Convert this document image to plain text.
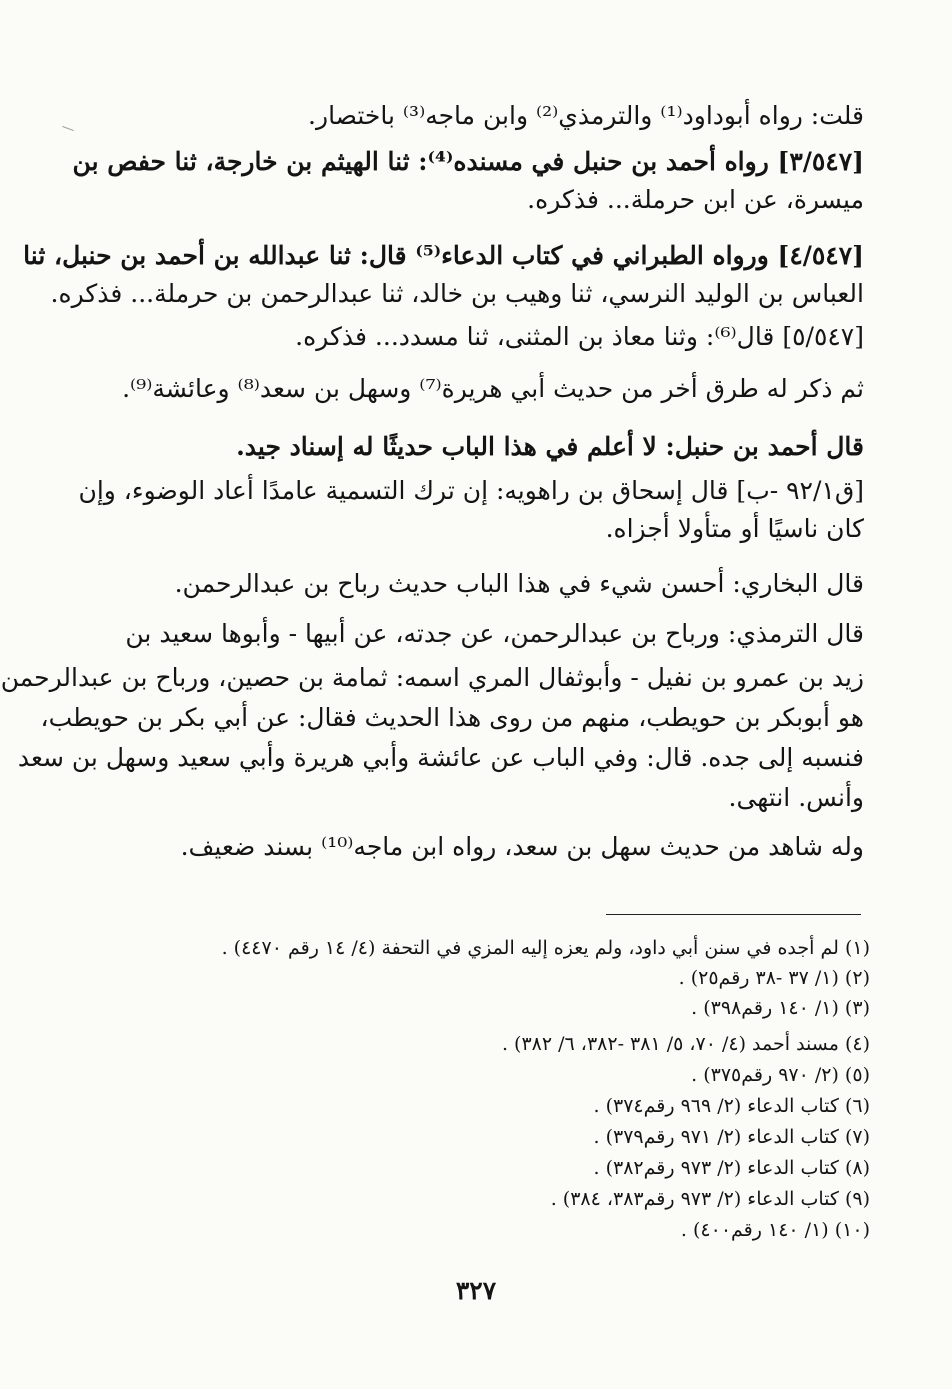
قلت: رواه أبوداود⁽¹⁾ والترمذي⁽²⁾ وابن ماجه⁽³⁾ باختصار.
[٣/٥٤٧] رواه أحمد بن حنبل في مسنده⁽⁴⁾: ثنا الهيثم بن خارجة، ثنا حفص بن
ميسرة، عن ابن حرملة... فذكره.
[٤/٥٤٧] ورواه الطبراني في كتاب الدعاء⁽⁵⁾ قال: ثنا عبدالله بن أحمد بن حنبل، ثنا
العباس بن الوليد النرسي، ثنا وهيب بن خالد، ثنا عبدالرحمن بن حرملة... فذكره.
[٥/٥٤٧] قال⁽⁶⁾: وثنا معاذ بن المثنى، ثنا مسدد... فذكره.
ثم ذكر له طرق أخر من حديث أبي هريرة⁽⁷⁾ وسهل بن سعد⁽⁸⁾ وعائشة⁽⁹⁾.
قال أحمد بن حنبل: لا أعلم في هذا الباب حديثًا له إسناد جيد.
[ق٩٢/١ -ب] قال إسحاق بن راهويه: إن ترك التسمية عامدًا أعاد الوضوء، وإن
كان ناسيًا أو متأولا أجزاه.
قال البخاري: أحسن شيء في هذا الباب حديث رباح بن عبدالرحمن.
قال الترمذي: ورباح بن عبدالرحمن، عن جدته، عن أبيها - وأبوها سعيد بن
زيد بن عمرو بن نفيل - وأبوثفال المري اسمه: ثمامة بن حصين، ورباح بن عبدالرحمن
هو أبوبكر بن حويطب، منهم من روى هذا الحديث فقال: عن أبي بكر بن حويطب،
فنسبه إلى جده. قال: وفي الباب عن عائشة وأبي هريرة وأبي سعيد وسهل بن سعد
وأنس. انتهى.
وله شاهد من حديث سهل بن سعد، رواه ابن ماجه⁽¹⁰⁾ بسند ضعيف.
(١) لم أجده في سنن أبي داود، ولم يعزه إليه المزي في التحفة (٤/ ١٤ رقم ٤٤٧٠) .
(٢) (١/ ٣٧ -٣٨ رقم٢٥) .
(٣) (١/ ١٤٠ رقم٣٩٨) .
(٤) مسند أحمد (٤/ ٧٠، ٥/ ٣٨١ -٣٨٢، ٦/ ٣٨٢) .
(٥) (٢/ ٩٧٠ رقم٣٧٥) .
(٦) كتاب الدعاء (٢/ ٩٦٩ رقم٣٧٤) .
(٧) كتاب الدعاء (٢/ ٩٧١ رقم٣٧٩) .
(٨) كتاب الدعاء (٢/ ٩٧٣ رقم٣٨٢) .
(٩) كتاب الدعاء (٢/ ٩٧٣ رقم٣٨٣، ٣٨٤) .
(١٠) (١/ ١٤٠ رقم٤٠٠) .
٣٢٧
